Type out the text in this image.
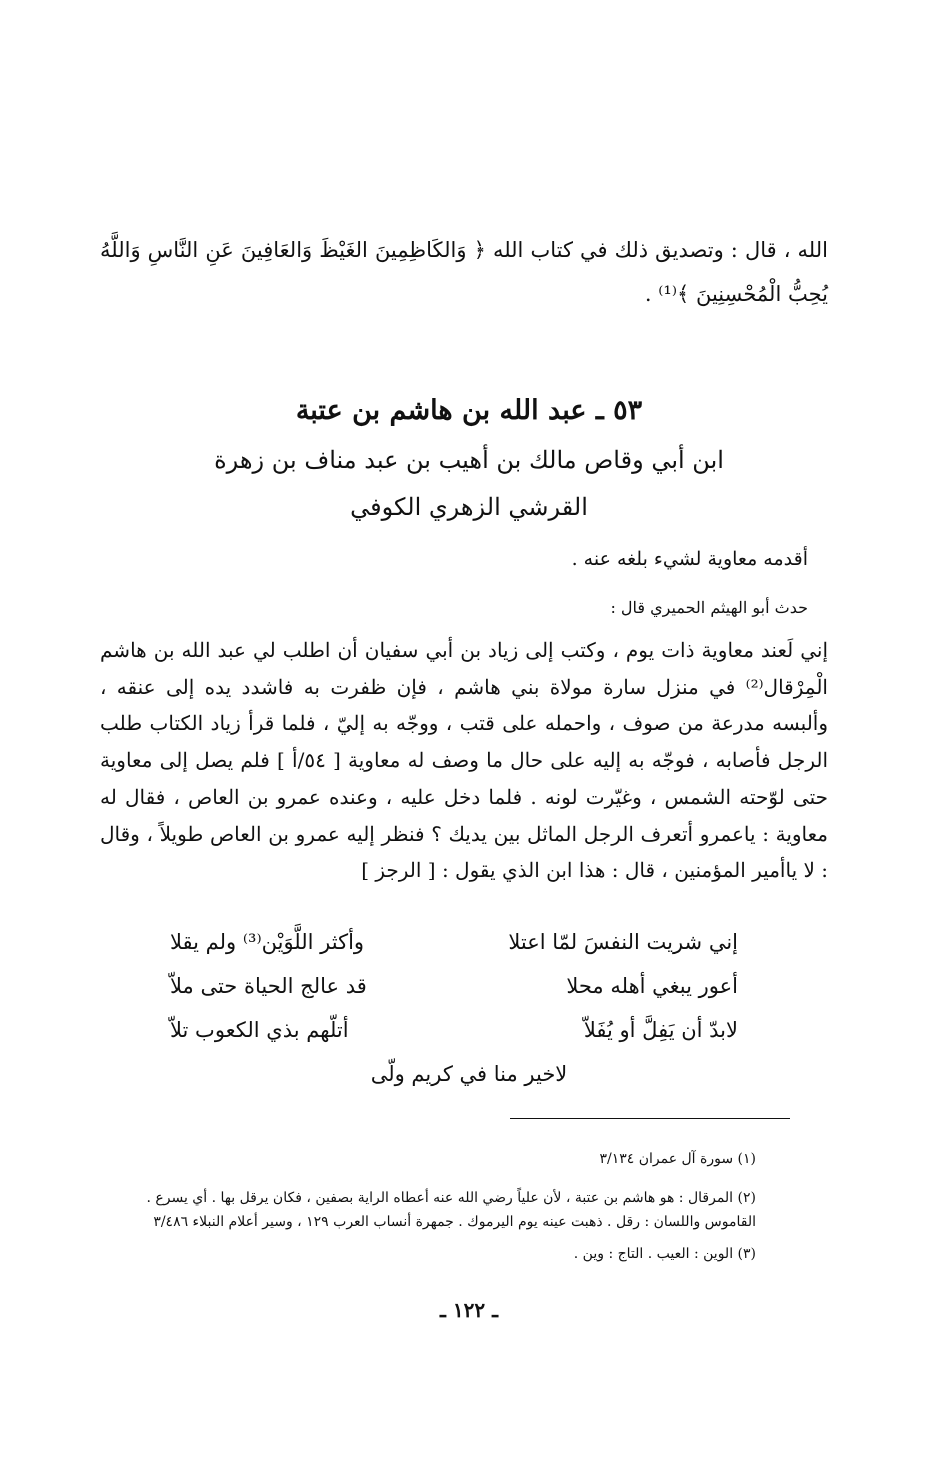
الله ، قال : وتصديق ذلك في كتاب الله ﴿ وَالكَاظِمِينَ الغَيْظَ وَالعَافِينَ عَنِ النَّاسِ وَاللَّهُ يُحِبُّ الْمُحْسِنِينَ ﴾⁽¹⁾ .

٥٣ ـ عبد الله بن هاشم بن عتبة
ابن أبي وقاص مالك بن أهيب بن عبد مناف بن زهرة
القرشي الزهري الكوفي
أقدمه معاوية لشيء بلغه عنه .
حدث أبو الهيثم الحميري قال :

إني لَعند معاوية ذات يوم ، وكتب إلى زياد بن أبي سفيان أن اطلب لي عبد الله بن هاشم الْمِرْقال⁽²⁾ في منزل سارة مولاة بني هاشم ، فإن ظفرت به فاشدد يده إلى عنقه ، وألبسه مدرعة من صوف ، واحمله على قتب ، ووجّه به إليّ ، فلما قرأ زياد الكتاب طلب الرجل فأصابه ، فوجّه به إليه على حال ما وصف له معاوية [ ٥٤/أ ] فلم يصل إلى معاوية حتى لوّحته الشمس ، وغيّرت لونه . فلما دخل عليه ، وعنده عمرو بن العاص ، فقال له معاوية : ياعمرو أتعرف الرجل الماثل بين يديك ؟ فنظر إليه عمرو بن العاص طويلاً ، وقال : لا ياأمير المؤمنين ، قال : هذا ابن الذي يقول : [ الرجز ]

إني شريت النفسَ لمّا اعتلا
وأكثر اللَّوَيْن⁽³⁾ ولم يقلا
أعور يبغي أهله محلا
قد عالج الحياة حتى ملاّ
لابدّ أن يَفِلَّ أو يُفَلاّ
أتلّهم بذي الكعوب تلاّ
لاخير منا في كريم ولّى
(١) سورة آل عمران ٣/١٣٤
(٢) المرقال : هو هاشم بن عتبة ، لأن علياً رضي الله عنه أعطاه الراية بصفين ، فكان يرقل بها . أي يسرع .
القاموس واللسان : رقل . ذهبت عينه يوم اليرموك . جمهرة أنساب العرب ١٢٩ ، وسير أعلام النبلاء ٣/٤٨٦
(٣) الوين : العيب . التاج : وين .
ـ ١٢٢ ـ
